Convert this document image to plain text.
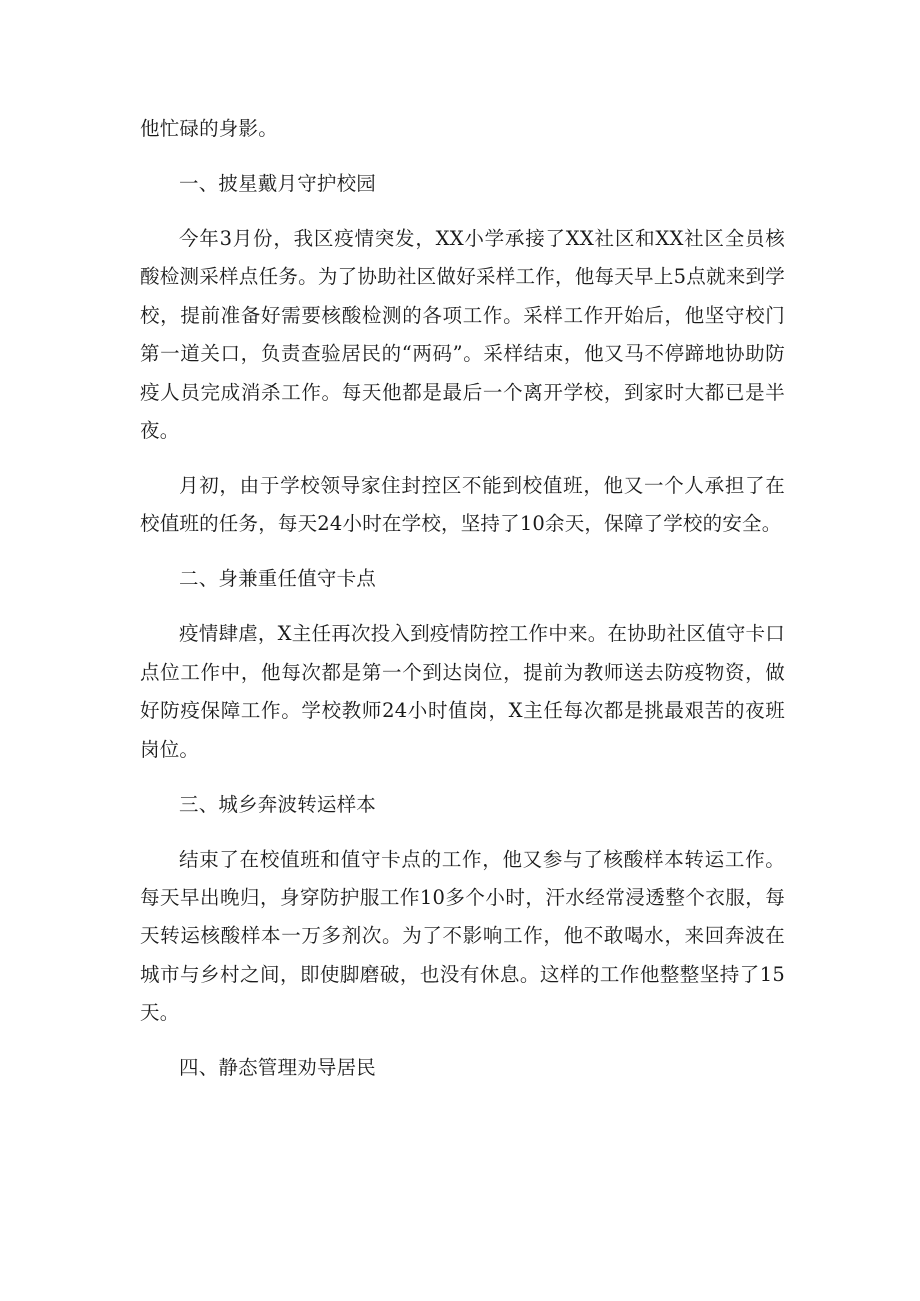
他忙碌的身影。

一、披星戴月守护校园

今年3月份，我区疫情突发，XX小学承接了XX社区和XX社区全员核酸检测采样点任务。为了协助社区做好采样工作，他每天早上5点就来到学校，提前准备好需要核酸检测的各项工作。采样工作开始后，他坚守校门第一道关口，负责查验居民的“两码”。采样结束，他又马不停蹄地协助防疫人员完成消杀工作。每天他都是最后一个离开学校，到家时大都已是半夜。

月初，由于学校领导家住封控区不能到校值班，他又一个人承担了在校值班的任务，每天24小时在学校，坚持了10余天，保障了学校的安全。

二、身兼重任值守卡点

疫情肆虐，X主任再次投入到疫情防控工作中来。在协助社区值守卡口点位工作中，他每次都是第一个到达岗位，提前为教师送去防疫物资，做好防疫保障工作。学校教师24小时值岗，X主任每次都是挑最艰苦的夜班岗位。

三、城乡奔波转运样本

结束了在校值班和值守卡点的工作，他又参与了核酸样本转运工作。每天早出晚归，身穿防护服工作10多个小时，汗水经常浸透整个衣服，每天转运核酸样本一万多剂次。为了不影响工作，他不敢喝水，来回奔波在城市与乡村之间，即使脚磨破，也没有休息。这样的工作他整整坚持了15天。

四、静态管理劝导居民
